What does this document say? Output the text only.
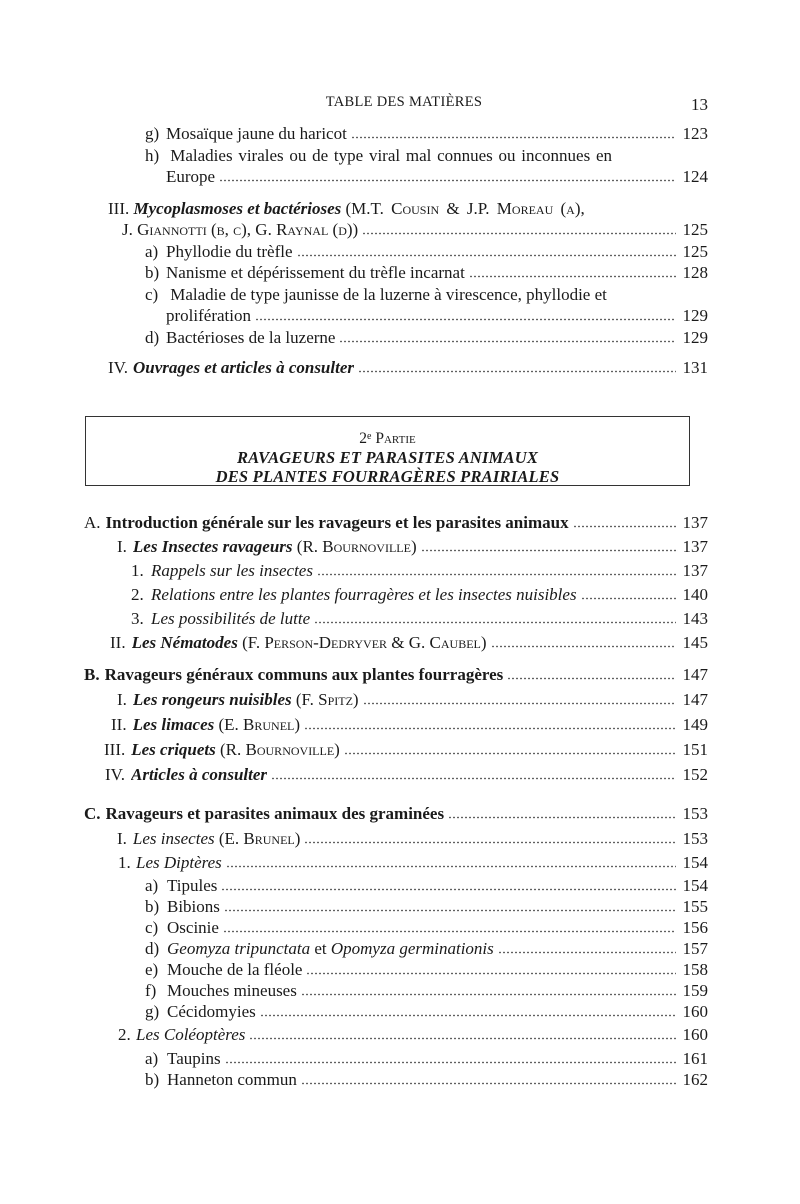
TABLE DES MATIÈRES	13
g) Mosaïque jaune du haricot	123
h) Maladies virales ou de type viral mal connues ou inconnues en
Europe	124
III. Mycoplasmoses et bactérioses (M.T. Cousin & J.P. Moreau (a),
J. Giannotti (b, c), G. Raynal (d))	125
a) Phyllodie du trèfle	125
b) Nanisme et dépérissement du trèfle incarnat	128
c) Maladie de type jaunisse de la luzerne à virescence, phyllodie et
prolifération	129
d) Bactérioses de la luzerne	129
IV. Ouvrages et articles à consulter	131
2e Partie
RAVAGEURS ET PARASITES ANIMAUX
DES PLANTES FOURRAGÈRES PRAIRIALES
A. Introduction générale sur les ravageurs et les parasites animaux	137
I. Les Insectes ravageurs (R. Bournoville)	137
1. Rappels sur les insectes	137
2. Relations entre les plantes fourragères et les insectes nuisibles	140
3. Les possibilités de lutte	143
II. Les Nématodes (F. Person-Dedryver & G. Caubel)	145
B. Ravageurs généraux communs aux plantes fourragères	147
I. Les rongeurs nuisibles (F. Spitz)	147
II. Les limaces (E. Brunel)	149
III. Les criquets (R. Bournoville)	151
IV. Articles à consulter	152
C. Ravageurs et parasites animaux des graminées	153
I. Les insectes (E. Brunel)	153
1. Les Diptères	154
a) Tipules	154
b) Bibions	155
c) Oscinie	156
d) Geomyza tripunctata et Opomyza germinationis	157
e) Mouche de la fléole	158
f) Mouches mineuses	159
g) Cécidomyies	160
2. Les Coléoptères	160
a) Taupins	161
b) Hanneton commun	162
